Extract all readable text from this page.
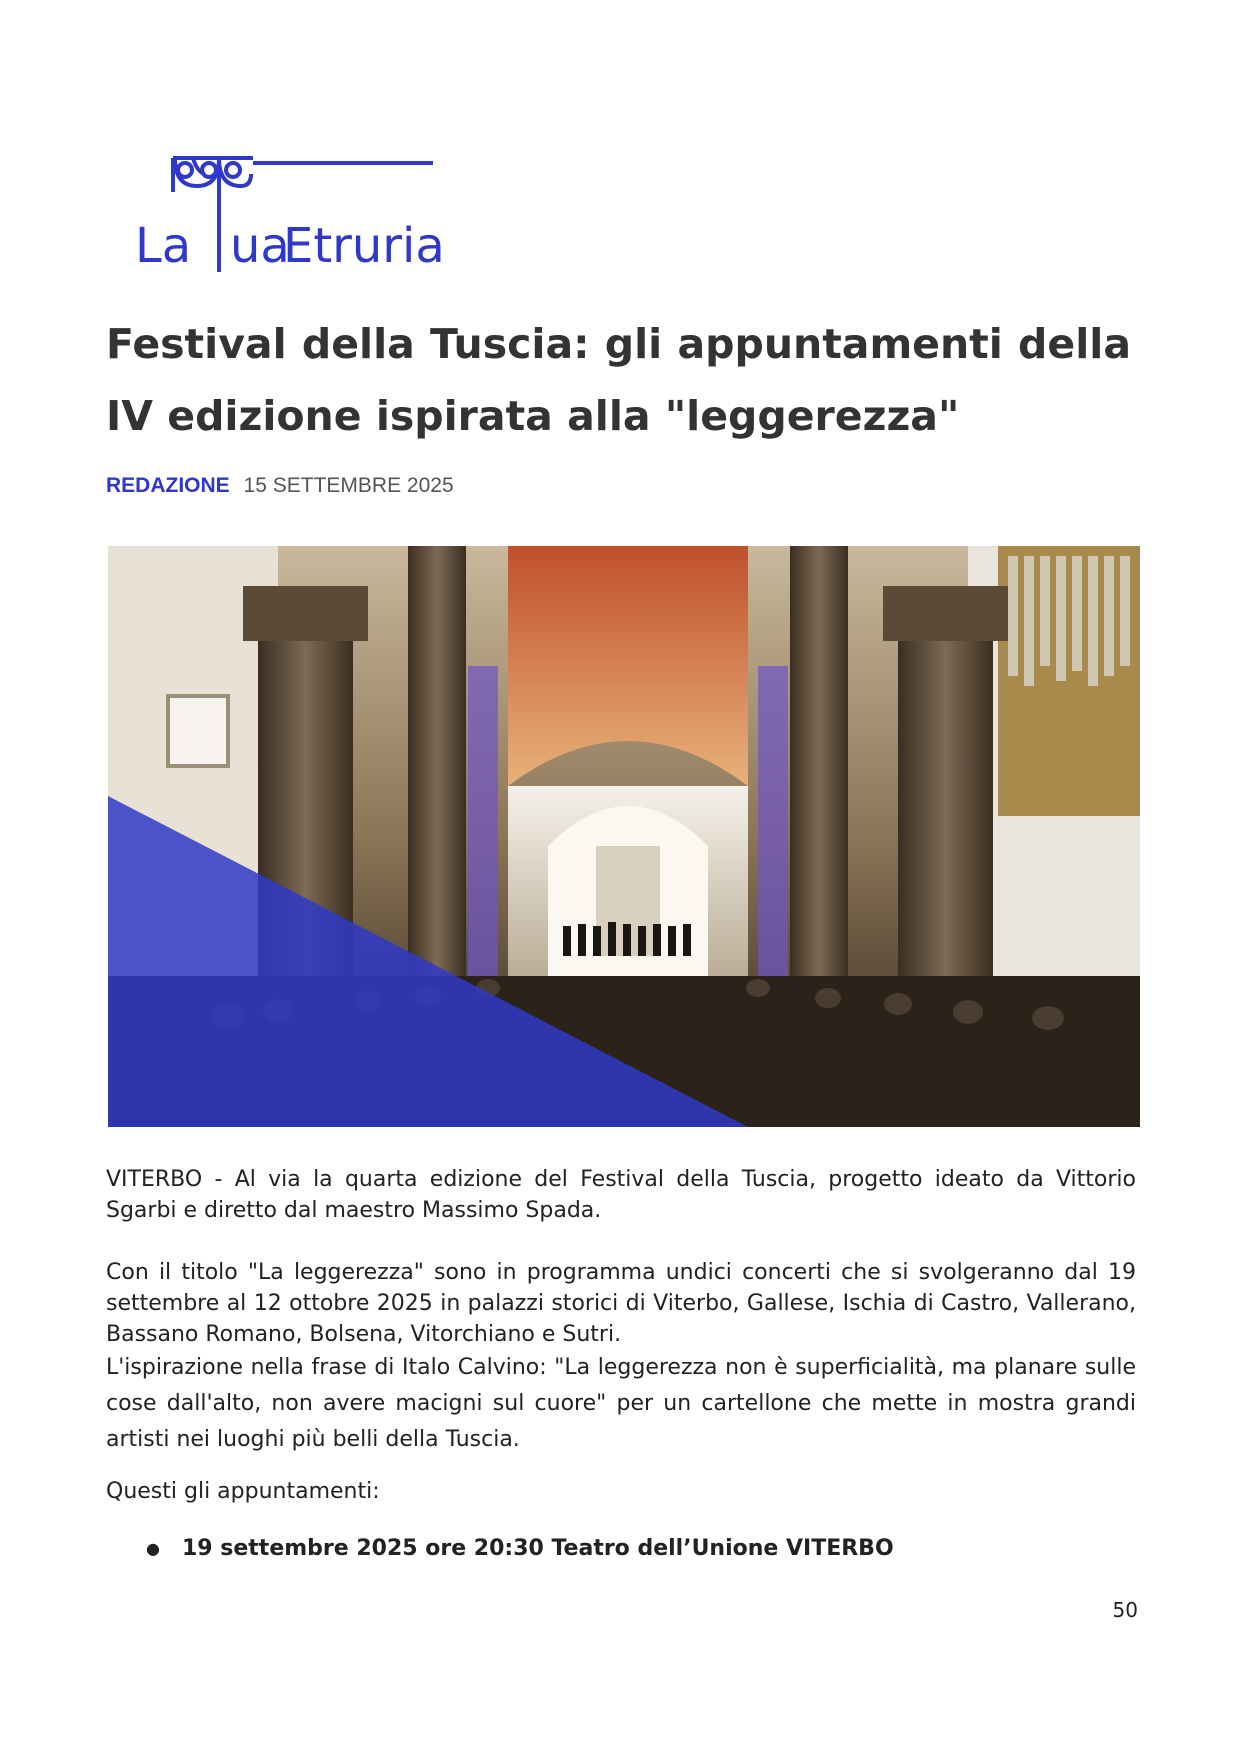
La ua
Etruria
Festival della Tuscia: gli appuntamenti della IV edizione ispirata alla "leggerezza"
REDAZIONE 15 SETTEMBRE 2025

VITERBO - Al via la quarta edizione del Festival della Tuscia, progetto ideato da Vittorio Sgarbi e diretto dal maestro Massimo Spada.

Con il titolo "La leggerezza" sono in programma undici concerti che si svolgeranno dal 19 settembre al 12 ottobre 2025 in palazzi storici di Viterbo, Gallese, Ischia di Castro, Vallerano, Bassano Romano, Bolsena, Vitorchiano e Sutri.

L'ispirazione nella frase di Italo Calvino: "La leggerezza non è superficialità, ma planare sulle cose dall'alto, non avere macigni sul cuore" per un cartellone che mette in mostra grandi artisti nei luoghi più belli della Tuscia.

Questi gli appuntamenti:

● 19 settembre 2025 ore 20:30 Teatro dell’Unione VITERBO
50
